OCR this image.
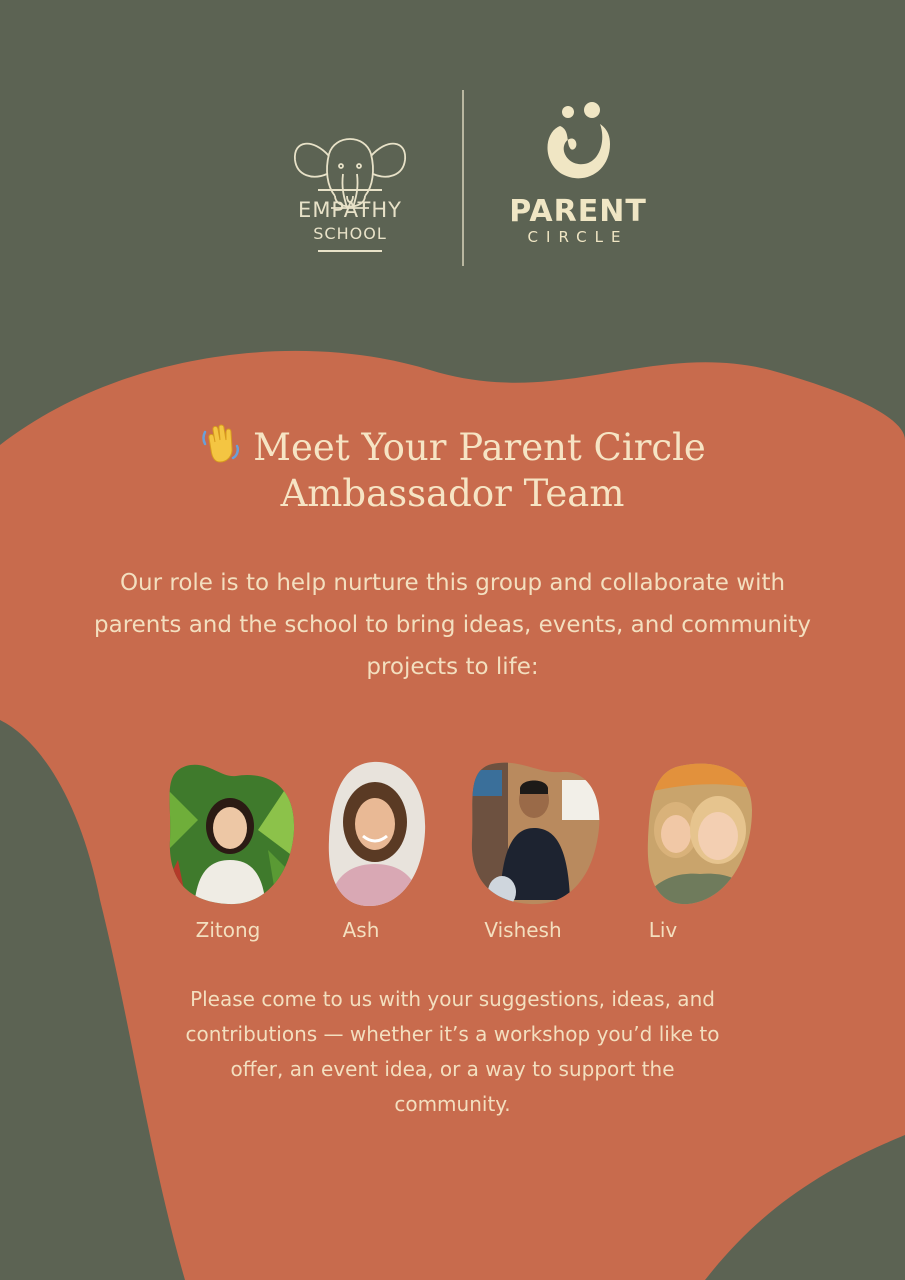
EMPATHY
SCHOOL
PARENT
CIRCLE
Meet Your Parent Circle Ambassador Team
Our role is to help nurture this group and collaborate with parents and the school to bring ideas, events, and community projects to life:
Zitong	Ash	Vishesh	Liv
Please come to us with your suggestions, ideas, and contributions — whether it’s a workshop you’d like to offer, an event idea, or a way to support the community.
